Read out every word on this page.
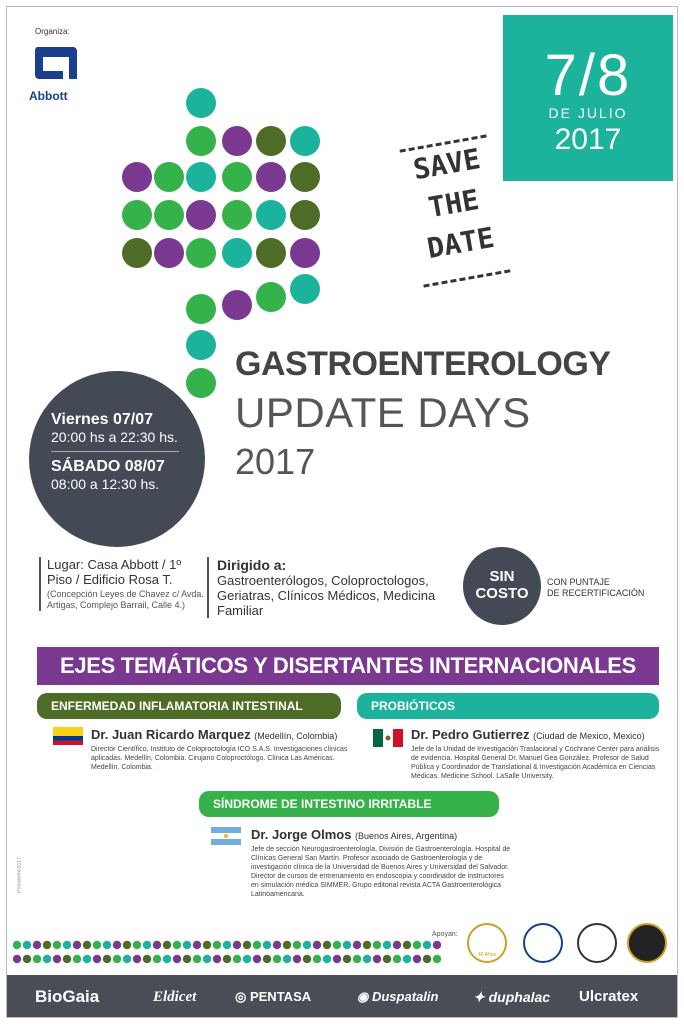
Organiza:
Abbott	7/8
DE JULIO
2017
SAVE
THE
DATE
GASTROENTEROLOGY
UPDATE DAYS
2017
Viernes 07/07
20:00 hs a 22:30 hs.
SÁBADO 08/07
08:00 a 12:30 hs.
Lugar: Casa Abbott / 1º Piso / Edificio Rosa T.
(Concepción Leyes de Chavez c/ Avda. Artigas, Complejo Barrail, Calle 4.)
Dirigido a:
Gastroenterólogos, Coloproctologos, Geriatras, Clínicos Médicos, Medicina Familiar
SIN
COSTO
CON PUNTAJE
DE RECERTIFICACIÓN
EJES TEMÁTICOS Y DISERTANTES INTERNACIONALES
ENFERMEDAD INFLAMATORIA INTESTINAL
Dr. Juan Ricardo Marquez (Medellín, Colombia)
Director Científico, Instituto de Coloproctología ICO S.A.S. Investigaciones clínicas aplicadas. Medellín, Colombia. Cirujano Coloproctólogo. Clínica Las Américas. Medellín, Colombia.
PROBIÓTICOS
Dr. Pedro Gutierrez (Ciudad de Mexico, Mexico)
Jefe de la Unidad de Investigación Traslacional y Cochrane Center para análisis de evidencia. Hospital General Dr. Manuel Gea González. Profesor de Salud Pública y Coordinador de Translational & Investigación Académica en Ciencias Médicas. Medicine School. LaSalle University.
SÍNDROME DE INTESTINO IRRITABLE
Dr. Jorge Olmos (Buenos Aires, Argentina)
Jefe de sección Neurogastroenterología, División de Gastroenterología. Hospital de Clínicas General San Martín. Profesor asociado de Gastroenterología y de investigación clínica de la Universidad de Buenos Aires y Universidad del Salvador. Director de cursos de entrenamiento en endoscopia y coordinador de instructores en simulación médica SIMMER. Grupo editorial revista ACTA Gastroenterológica Latinoamericana.
PY######/2017
Apoyan:
40 Años
BioGaia	Eldicet	◎ PENTASA	◉ Duspatalin ✦ duphalac Ulcratex
